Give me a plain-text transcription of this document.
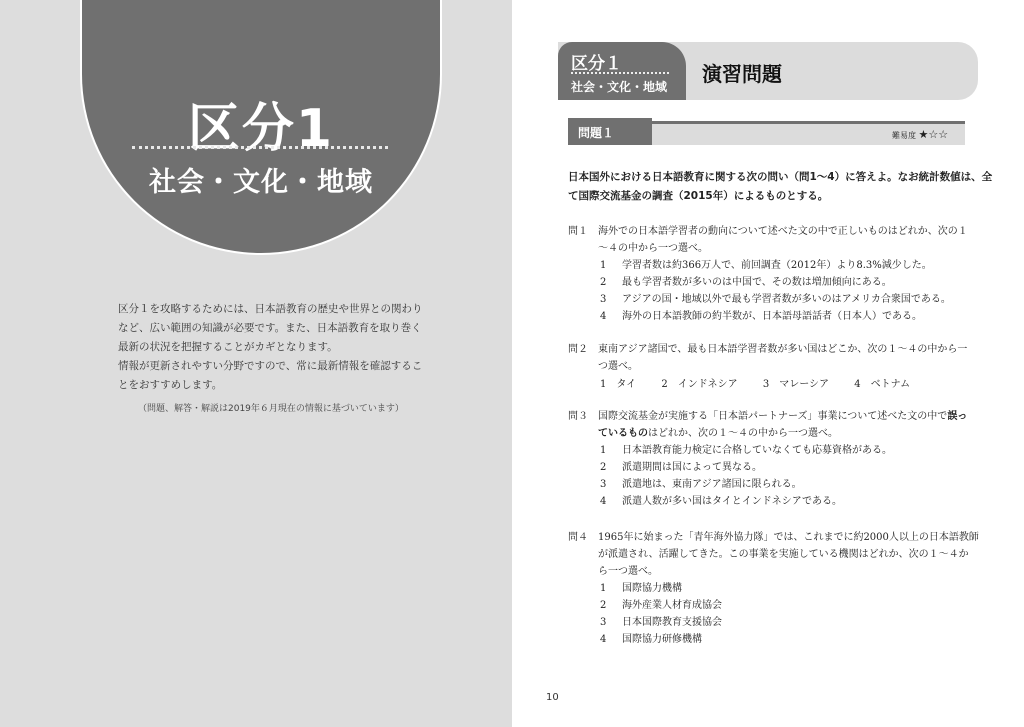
区分1
社会・文化・地域

区分１を攻略するためには、日本語教育の歴史や世界との関わり

など、広い範囲の知識が必要です。また、日本語教育を取り巻く

最新の状況を把握することがカギとなります。

情報が更新されやすい分野ですので、常に最新情報を確認するこ

とをおすすめします。

（問題、解答・解説は2019年６月現在の情報に基づいています）
区分１
社会・文化・地域
演習問題
問題１	難易度 ★☆☆

日本国外における日本語教育に関する次の問い（問1〜4）に答えよ。なお統計数値は、全

て国際交流基金の調査（2015年）によるものとする。

問１ 海外での日本語学習者の動向について述べた文の中で正しいものはどれか、次の１
〜４の中から一つ選べ。
1 学習者数は約366万人で、前回調査（2012年）より8.3%減少した。
2 最も学習者数が多いのは中国で、その数は増加傾向にある。
3 アジアの国・地域以外で最も学習者数が多いのはアメリカ合衆国である。
4 海外の日本語教師の約半数が、日本語母語話者（日本人）である。
問２ 東南アジア諸国で、最も日本語学習者数が多い国はどこか、次の１〜４の中から一
つ選べ。
1 タイ	2 インドネシア	3 マレーシア	4 ベトナム
問３ 国際交流基金が実施する「日本語パートナーズ」事業について述べた文の中で誤っ
ているものはどれか、次の１〜４の中から一つ選べ。
1 日本語教育能力検定に合格していなくても応募資格がある。
2 派遣期間は国によって異なる。
3 派遣地は、東南アジア諸国に限られる。
4 派遣人数が多い国はタイとインドネシアである。
問４ 1965年に始まった「青年海外協力隊」では、これまでに約2000人以上の日本語教師
が派遣され、活躍してきた。この事業を実施している機関はどれか、次の１〜４か
ら一つ選べ。
1 国際協力機構
2 海外産業人材育成協会
3 日本国際教育支援協会
4 国際協力研修機構
10
